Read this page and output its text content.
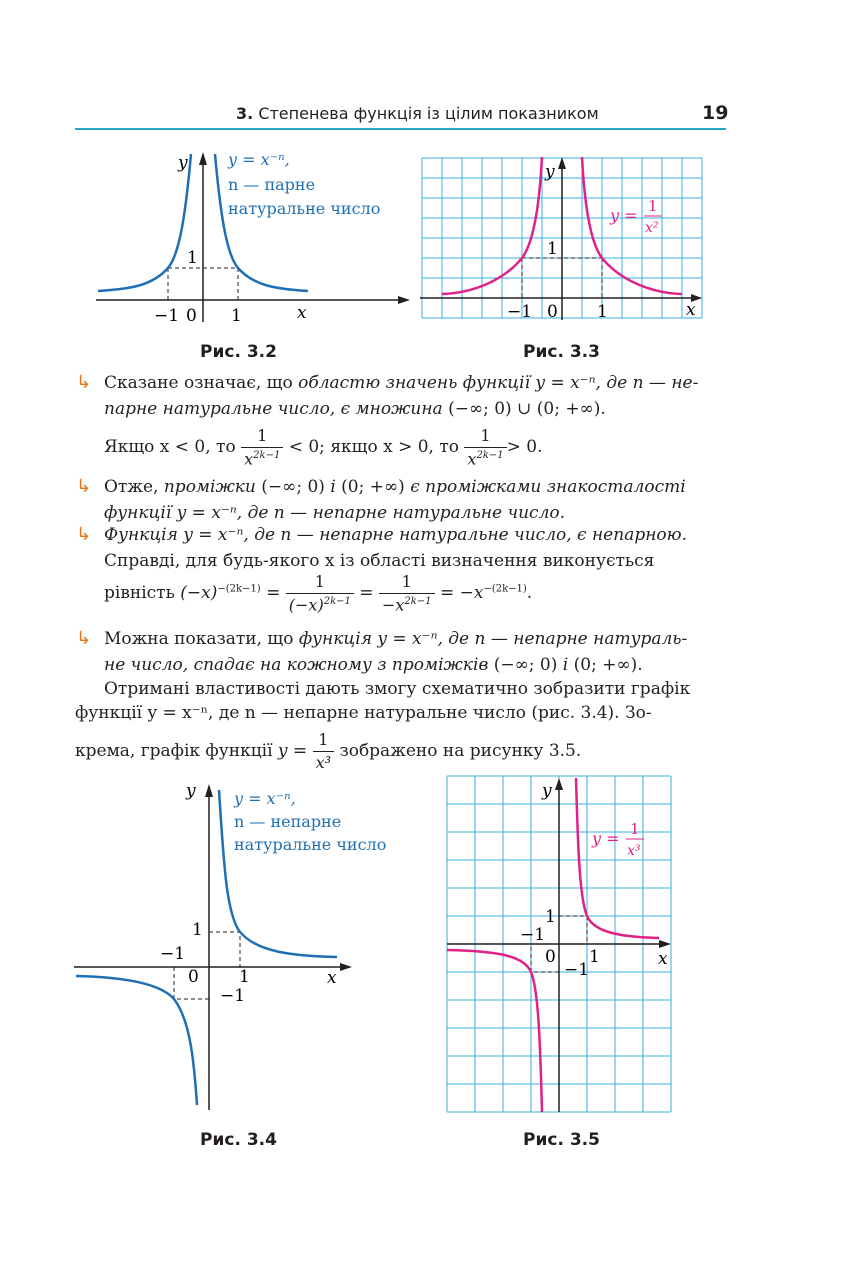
3. Степенева функція із цілим показником	19
y
x
−1 0 1
1
y = x⁻ⁿ,
n — парне
натуральне число
Рис. 3.2
y
x
−1 0 1
1
y = 1
x²
Рис. 3.3
↳ Сказане означає, що областю значень функції y = x⁻ⁿ, де n — не-
парне натуральне число, є множина (−∞; 0) ∪ (0; +∞).
Якщо x < 0, то $\frac{1}{x^{2k-1}} < 0$; якщо x > 0, то $\frac{1}{x^{2k-1}} > 0$.
↳ Отже, проміжки (−∞; 0) і (0; +∞) є проміжками знакосталості
функції y = x⁻ⁿ, де n — непарне натуральне число.
↳ Функція y = x⁻ⁿ, де n — непарне натуральне число, є непарною.
Справді, для будь-якого x із області визначення виконується
рівність $(-x)^{-(2k-1)} = \frac{1}{(-x)^{2k-1}} = \frac{1}{-x^{2k-1}} = -x^{-(2k-1)}$.
↳ Можна показати, що функція y = x⁻ⁿ, де n — непарне натураль-
не число, спадає на кожному з проміжків (−∞; 0) і (0; +∞).
Отримані властивості дають змогу схематично зобразити графік
функції y = x⁻ⁿ, де n — непарне натуральне число (рис. 3.4). Зо-
крема, графік функції $y = \frac{1}{\text{x³}}$ зображено на рисунку 3.5.
y
x
−1
0 1
1
−1
y = x⁻ⁿ,
n — непарне
натуральне число
Рис. 3.4
y
x
−1
0 1
1
−1
y = 1
x³
Рис. 3.5
